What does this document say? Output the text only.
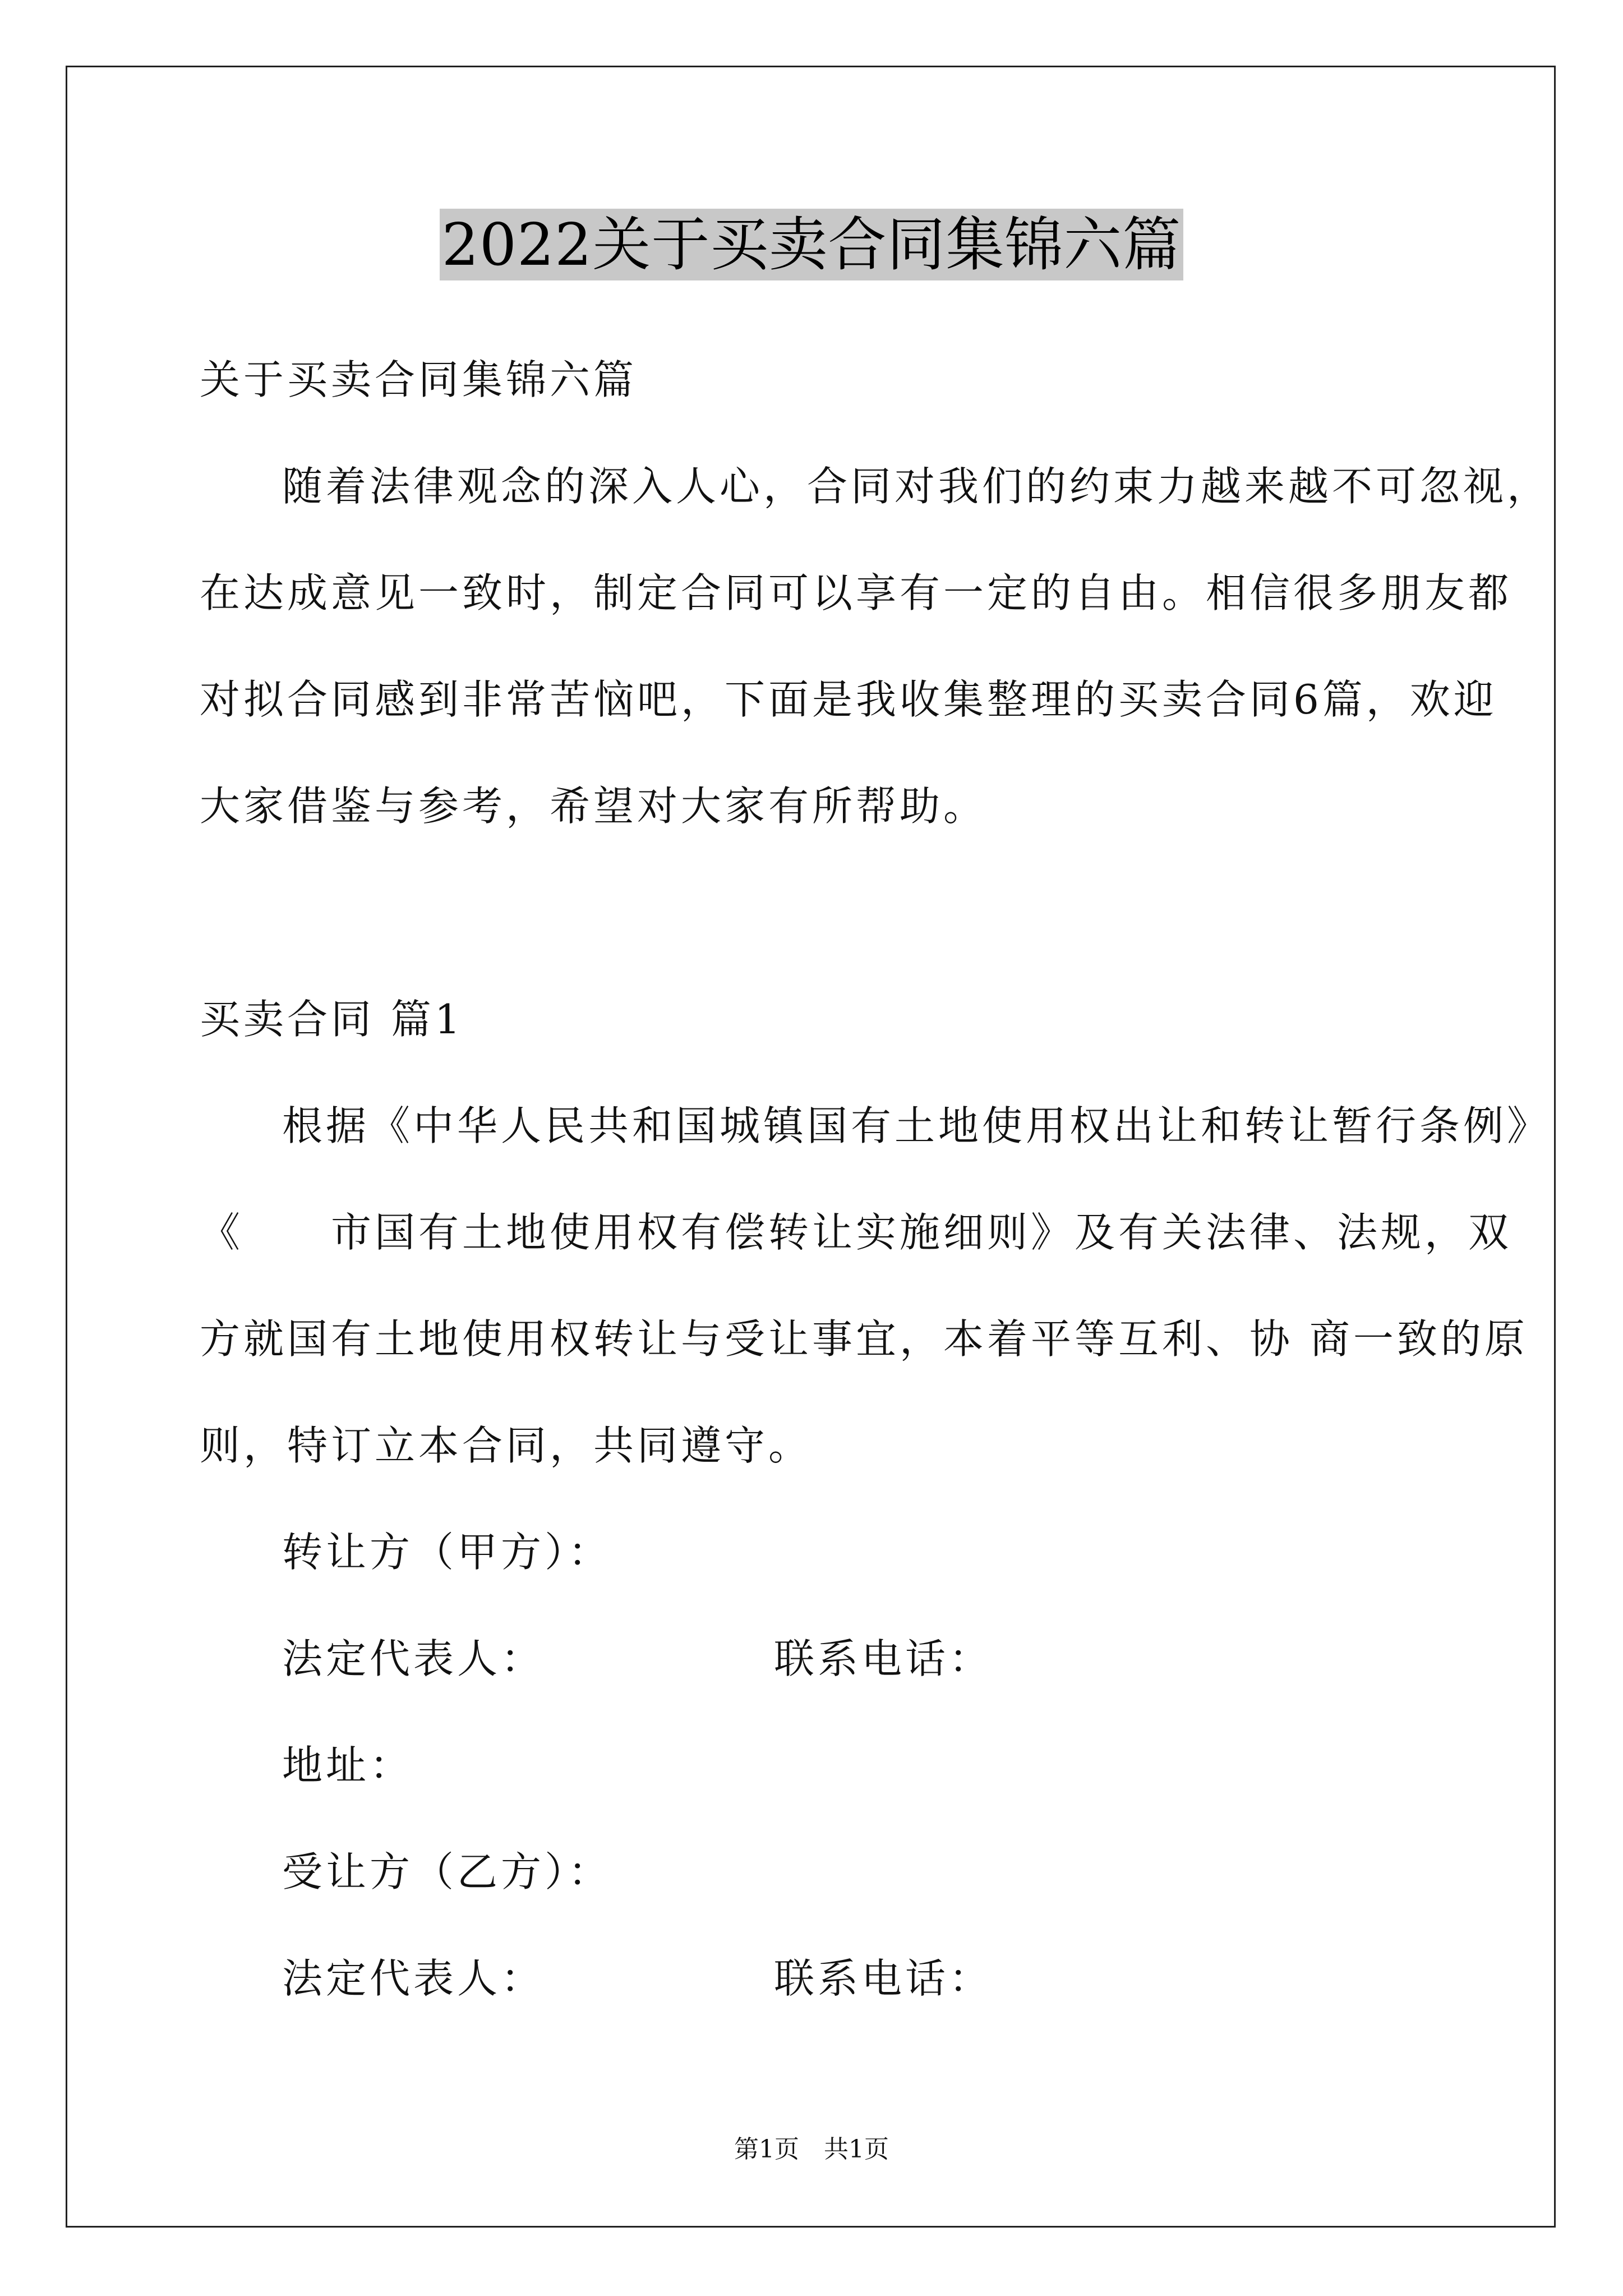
2022关于买卖合同集锦六篇
关于买卖合同集锦六篇
随着法律观念的深入人心，合同对我们的约束力越来越不可忽视，
在达成意见一致时，制定合同可以享有一定的自由。相信很多朋友都
对拟合同感到非常苦恼吧，下面是我收集整理的买卖合同6篇，欢迎
大家借鉴与参考，希望对大家有所帮助。
买卖合同 篇1
根据《中华人民共和国城镇国有土地使用权出让和转让暂行条例》
《　　市国有土地使用权有偿转让实施细则》及有关法律、法规，双
方就国有土地使用权转让与受让事宜，本着平等互利、协 商一致的原
则，特订立本合同，共同遵守。
转让方（甲方）：
法定代表人：	联系电话：
地址：
受让方（乙方）：
法定代表人：	联系电话：
第1页　共1页
